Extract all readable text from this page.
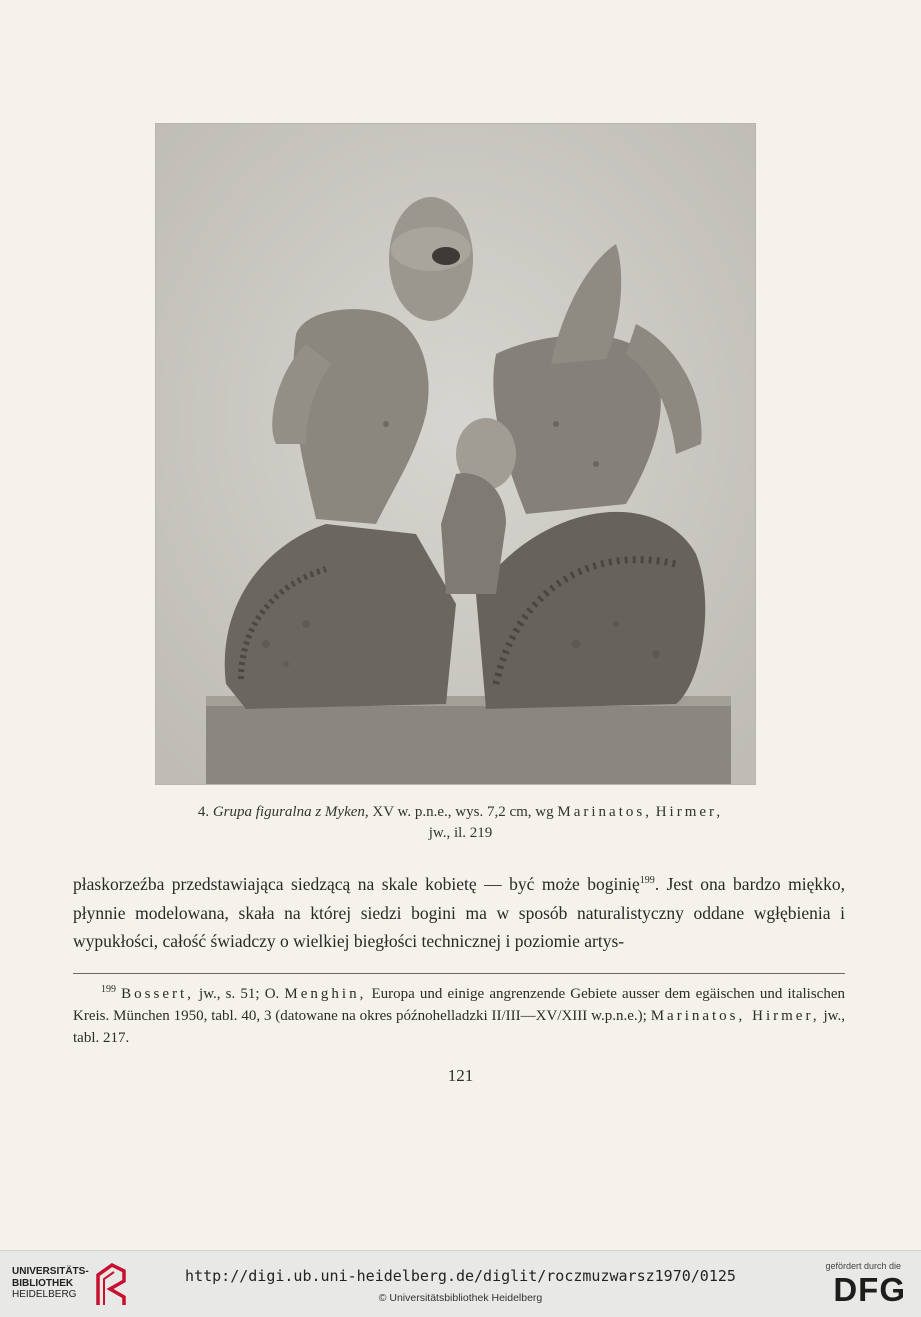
4. Grupa figuralna z Myken, XV w. p.n.e., wys. 7,2 cm, wg Marinatos, Hirmer,
jw., il. 219
płaskorzeźba przedstawiająca siedzącą na skale kobietę — być może boginię$^{199}$. Jest ona bardzo miękko, płynnie modelowana, skała na której siedzi bogini ma w sposób naturalistyczny oddane wgłębienia i wypukłości, całość świadczy o wielkiej biegłości technicznej i poziomie artys-
$^{199}$ Bossert, jw., s. 51; O. Menghin, Europa und einige angrenzende Gebiete ausser dem egäischen und italischen Kreis. München 1950, tabl. 40, 3 (datowane na okres późnohelladzki II/III—XV/XIII w.p.n.e.); Marinatos, Hirmer, jw., tabl. 217.
121
UNIVERSITÄTS-
BIBLIOTHEK
HEIDELBERG
http://digi.ub.uni-heidelberg.de/diglit/roczmuzwarsz1970/0125
© Universitätsbibliothek Heidelberg
gefördert durch die
DFG
